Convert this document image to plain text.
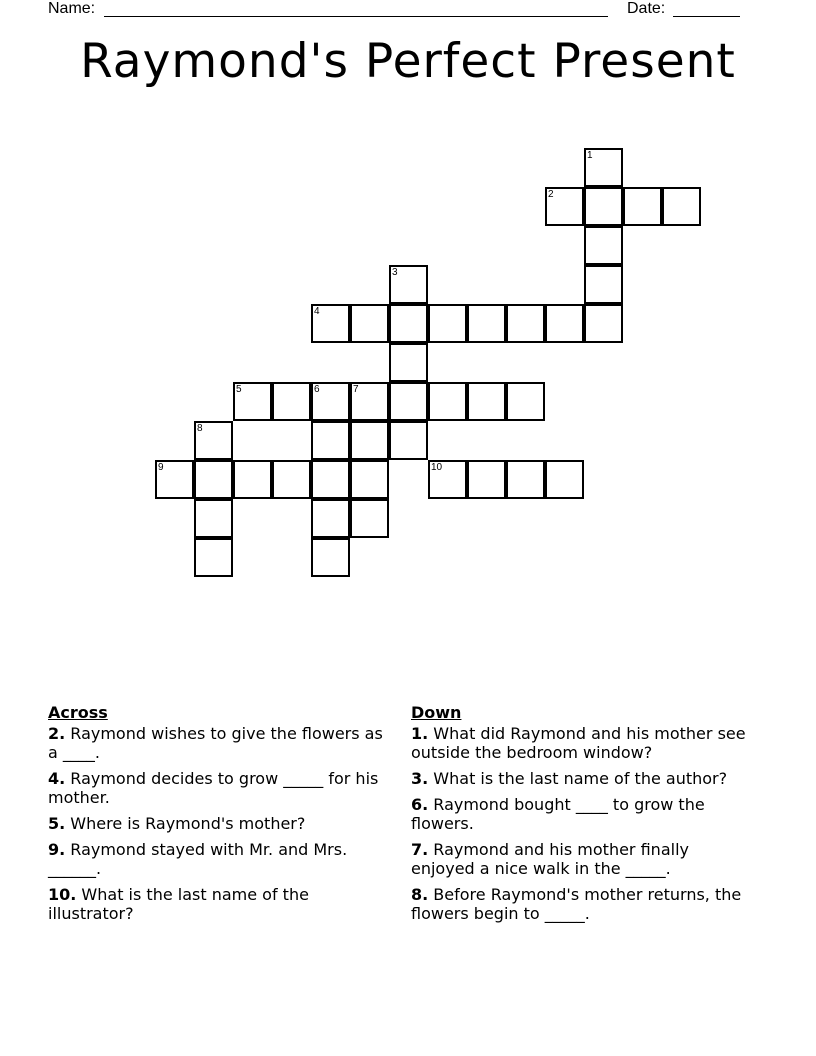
Name:	Date:
Raymond's Perfect Present
1
2
3
4
5	6	7
8
9	10
Across
2. Raymond wishes to give the flowers as a ____.
4. Raymond decides to grow _____ for his mother.
5. Where is Raymond's mother?
9. Raymond stayed with Mr. and Mrs. ______.
10. What is the last name of the illustrator?
Down
1. What did Raymond and his mother see outside the bedroom window?
3. What is the last name of the author?
6. Raymond bought ____ to grow the flowers.
7. Raymond and his mother finally enjoyed a nice walk in the _____.
8. Before Raymond's mother returns, the flowers begin to _____.
